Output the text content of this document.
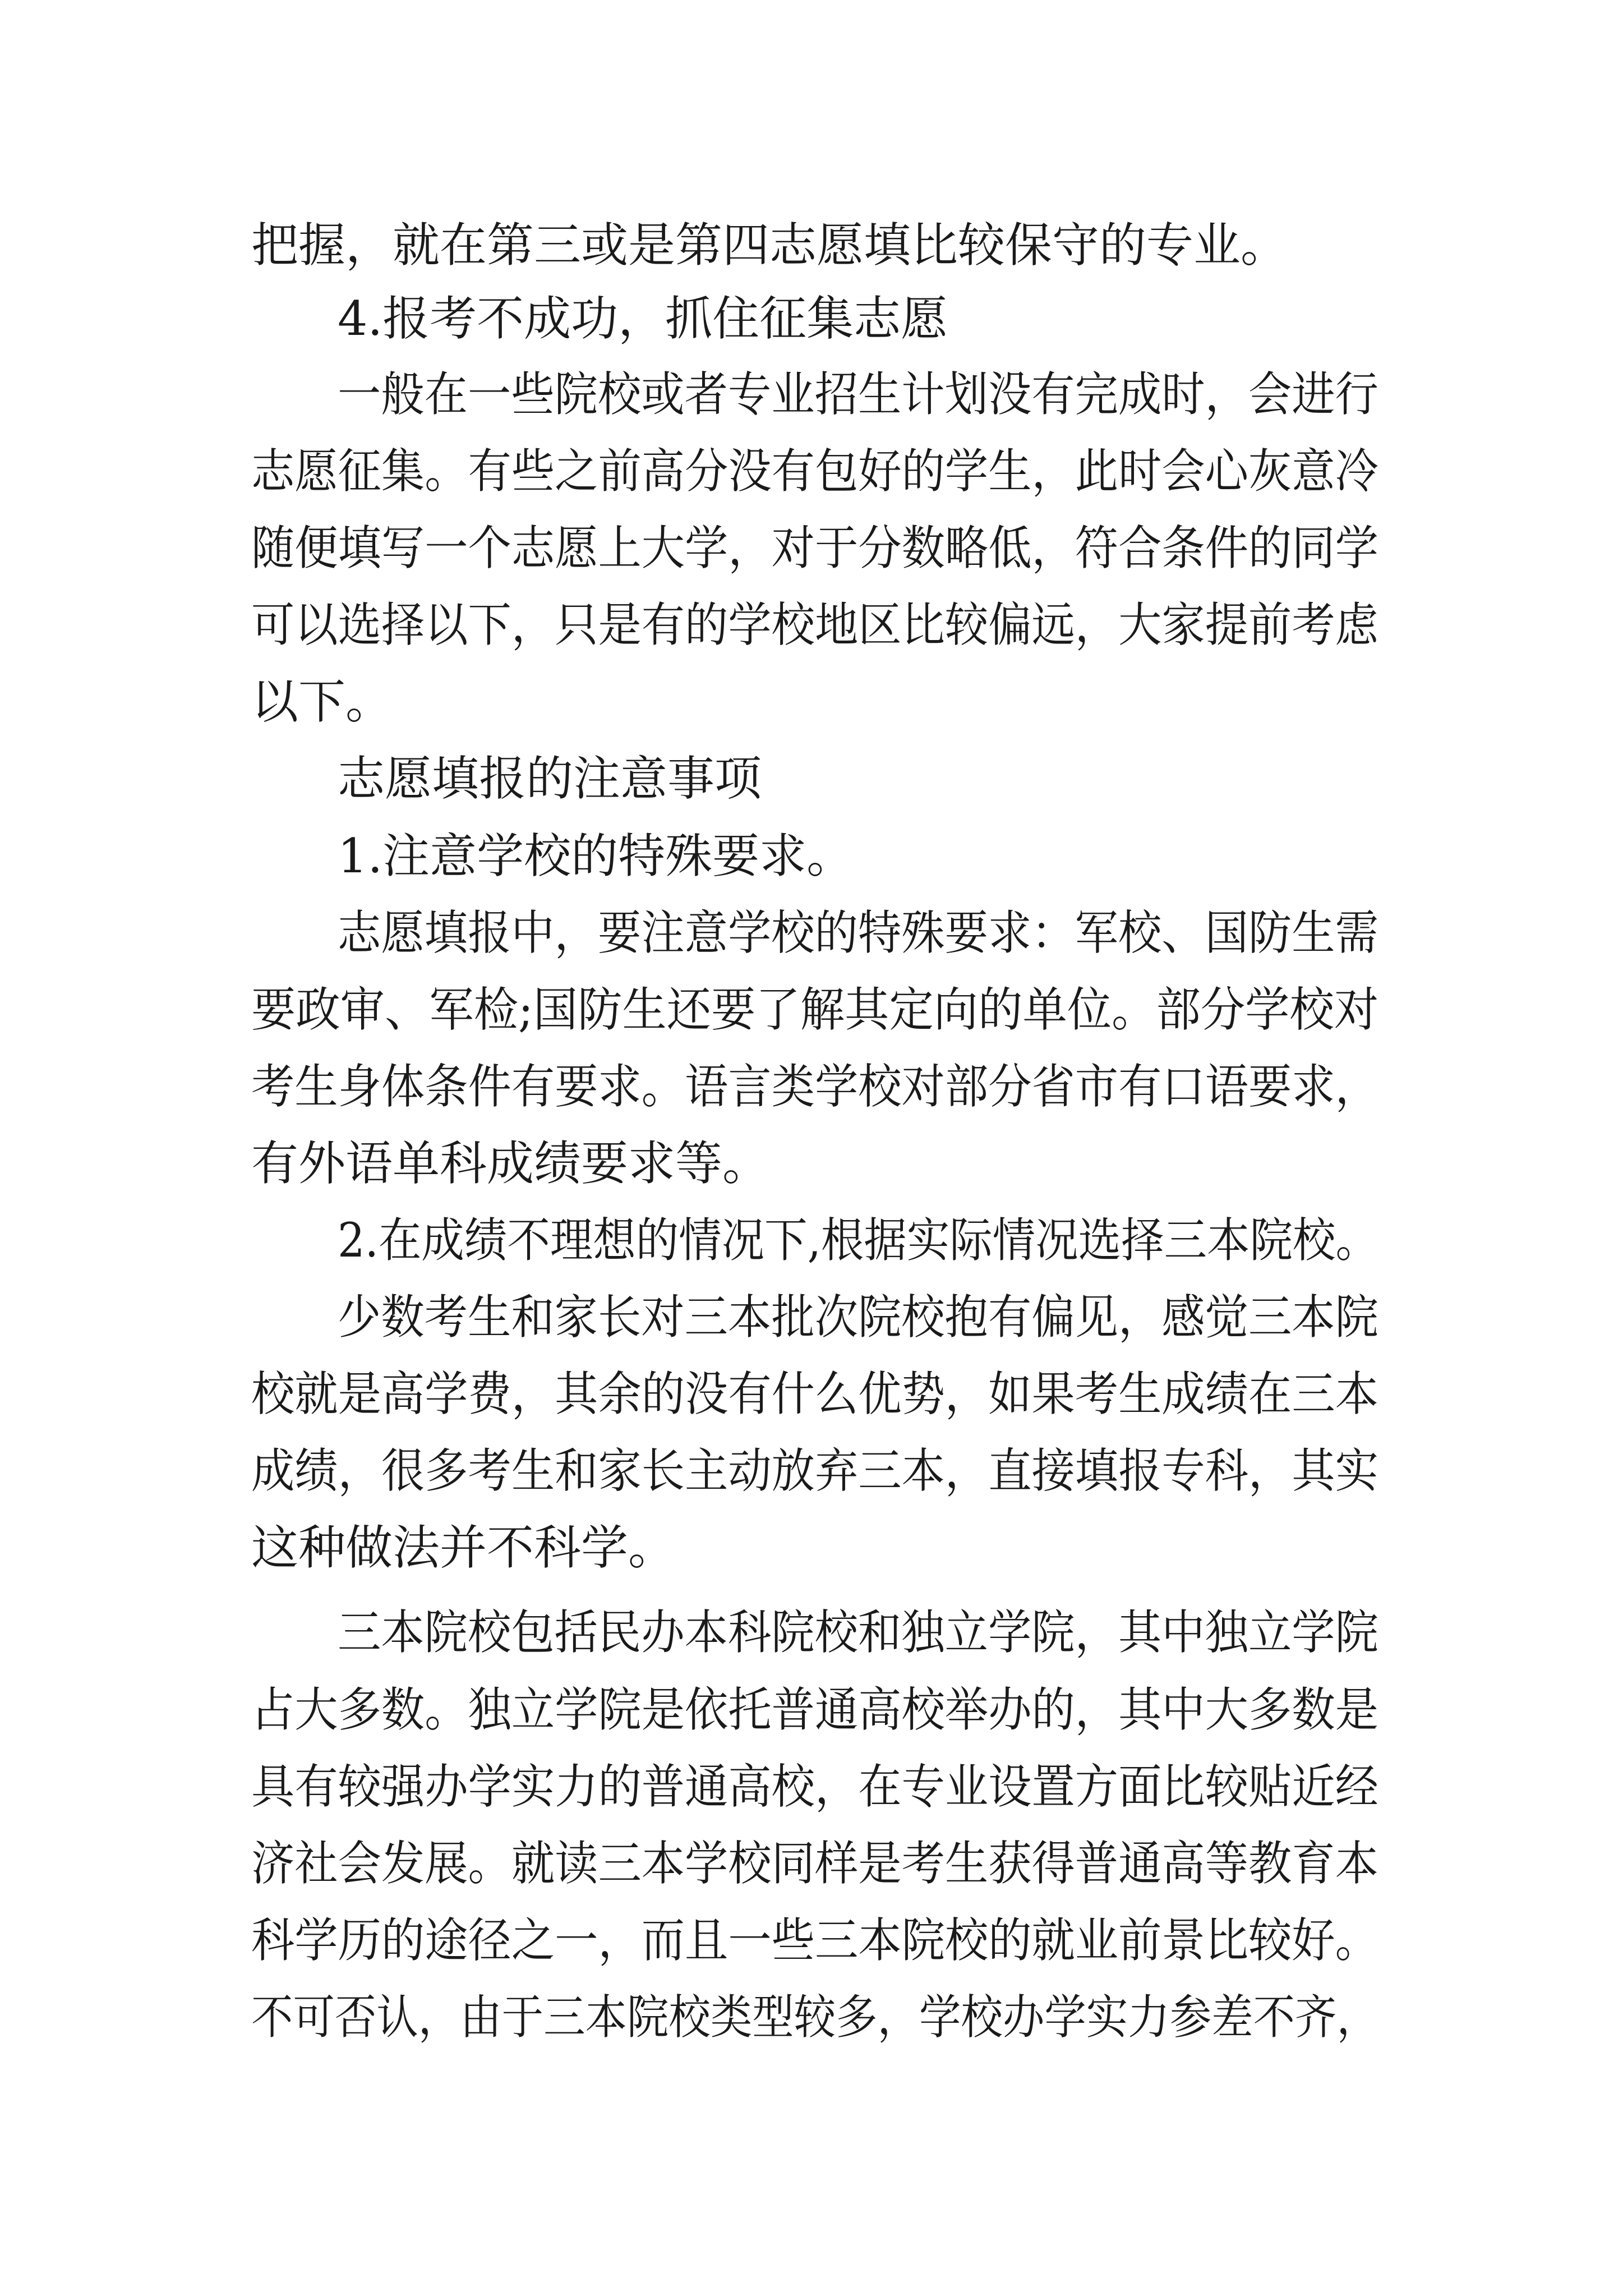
把握，就在第三或是第四志愿填比较保守的专业。
4.报考不成功，抓住征集志愿
一般在一些院校或者专业招生计划没有完成时，会进行
志愿征集。有些之前高分没有包好的学生，此时会心灰意冷
随便填写一个志愿上大学，对于分数略低，符合条件的同学
可以选择以下，只是有的学校地区比较偏远，大家提前考虑
以下。
志愿填报的注意事项
1.注意学校的特殊要求。
志愿填报中，要注意学校的特殊要求：军校、国防生需
要政审、军检;国防生还要了解其定向的单位。部分学校对
考生身体条件有要求。语言类学校对部分省市有口语要求，
有外语单科成绩要求等。
2.在成绩不理想的情况下,根据实际情况选择三本院校。
少数考生和家长对三本批次院校抱有偏见，感觉三本院
校就是高学费，其余的没有什么优势，如果考生成绩在三本
成绩，很多考生和家长主动放弃三本，直接填报专科，其实
这种做法并不科学。
三本院校包括民办本科院校和独立学院，其中独立学院
占大多数。独立学院是依托普通高校举办的，其中大多数是
具有较强办学实力的普通高校，在专业设置方面比较贴近经
济社会发展。就读三本学校同样是考生获得普通高等教育本
科学历的途径之一，而且一些三本院校的就业前景比较好。
不可否认，由于三本院校类型较多，学校办学实力参差不齐，
